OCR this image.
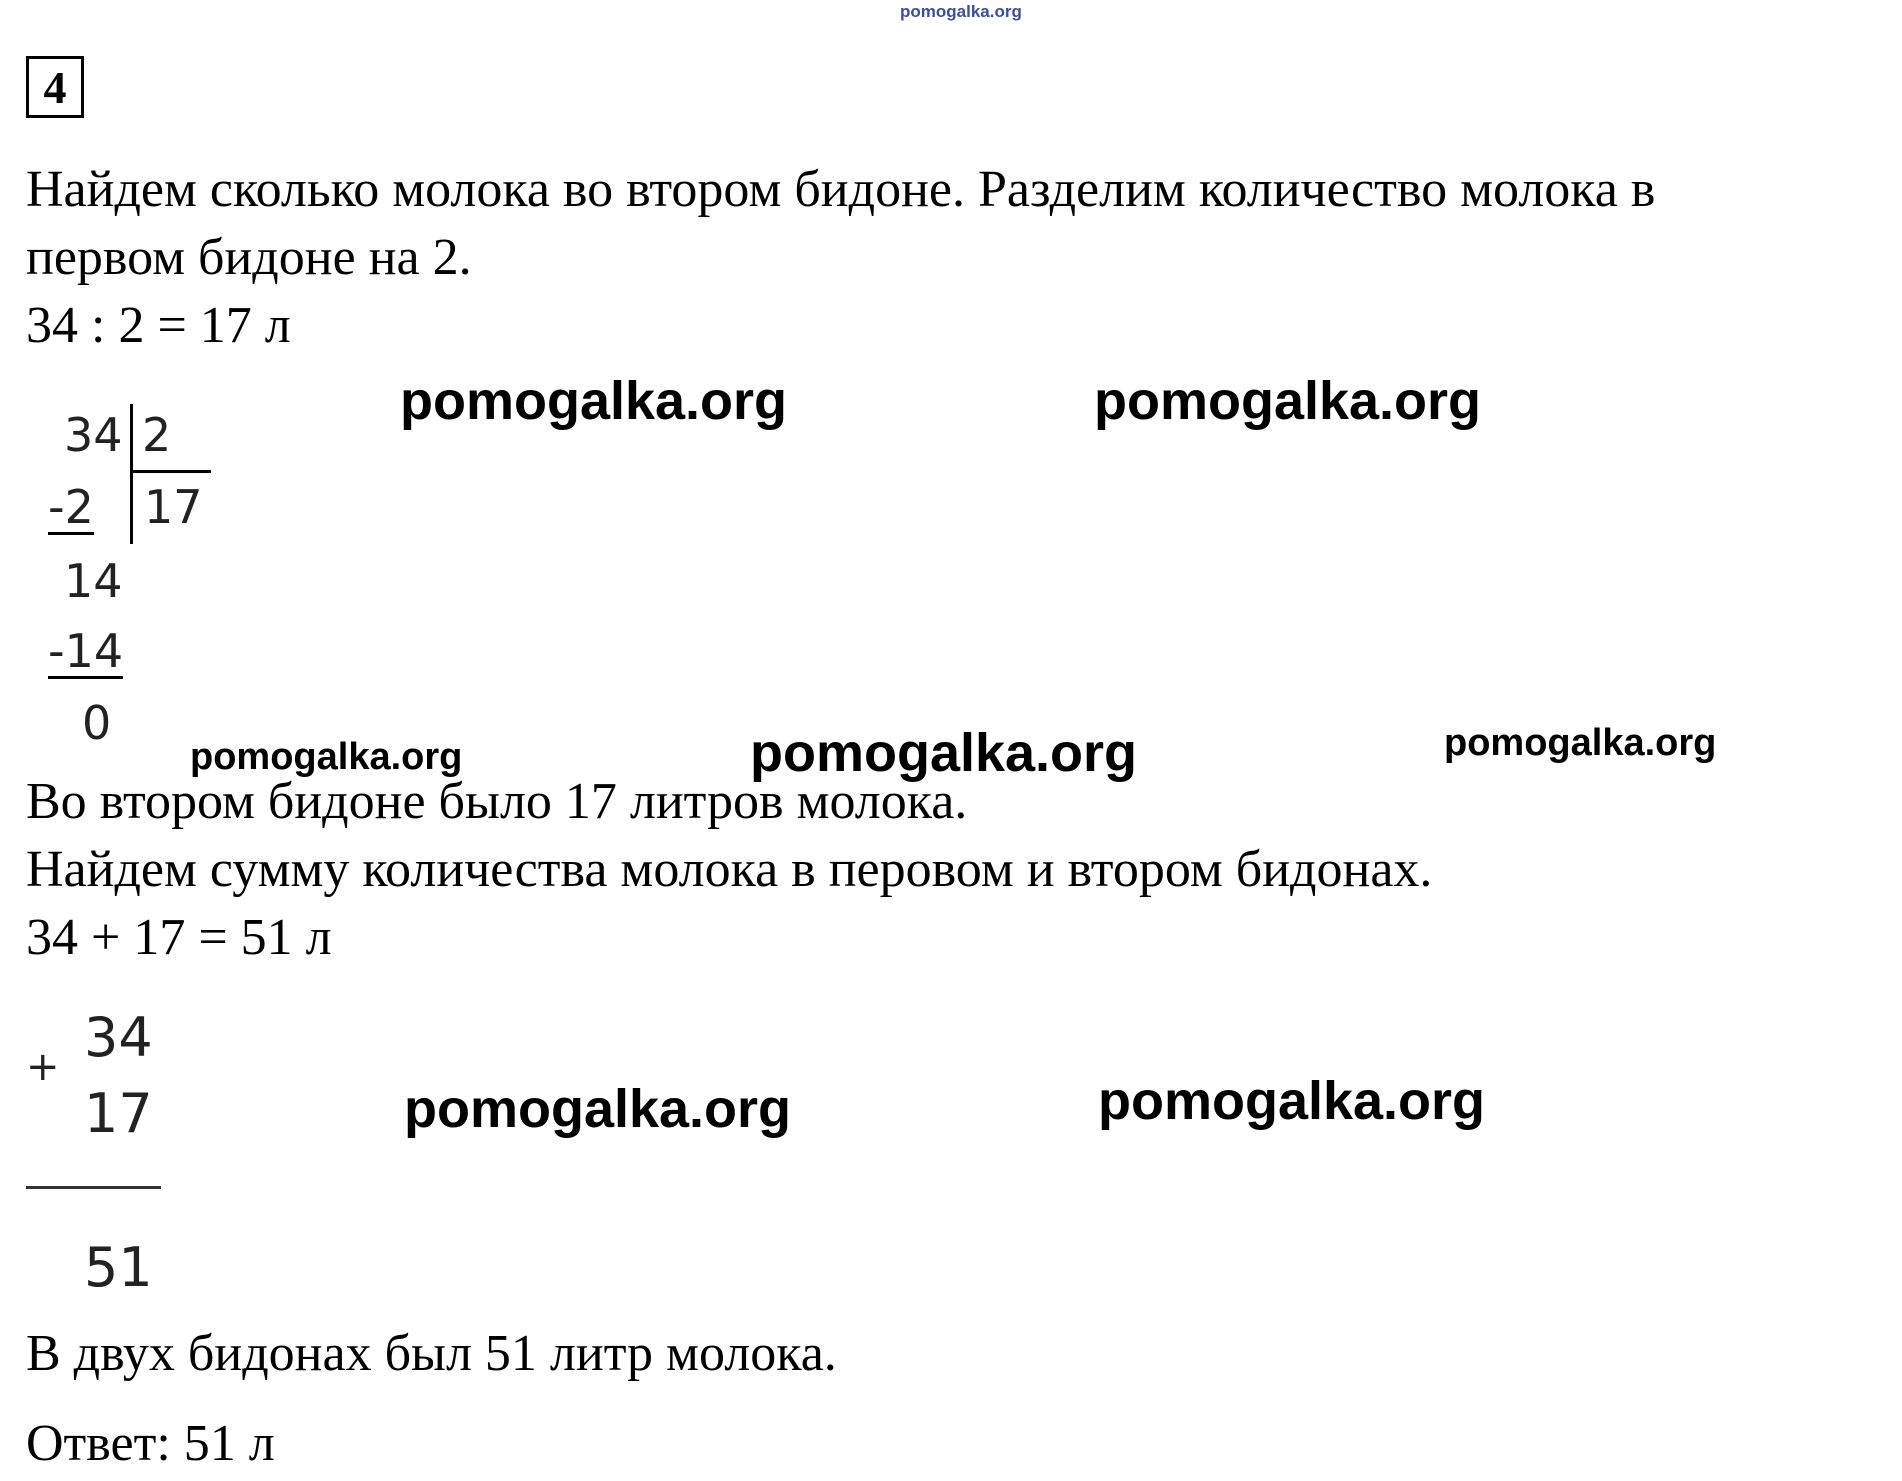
pomogalka.org
4
Найдем сколько молока во втором бидоне. Разделим количество молока в
первом бидоне на 2.
34 : 2 = 17 л
34 2
17
-2
14
-14
0
Во втором бидоне было 17 литров молока.
Найдем сумму количества молока в перовом и втором бидонах.
34 + 17 = 51 л
+ 34
17
51
В двух бидонах был 51 литр молока.
Ответ: 51 л
pomogalka.org	pomogalka.org
pomogalka.org	pomogalka.org	pomogalka.org
pomogalka.org	pomogalka.org
